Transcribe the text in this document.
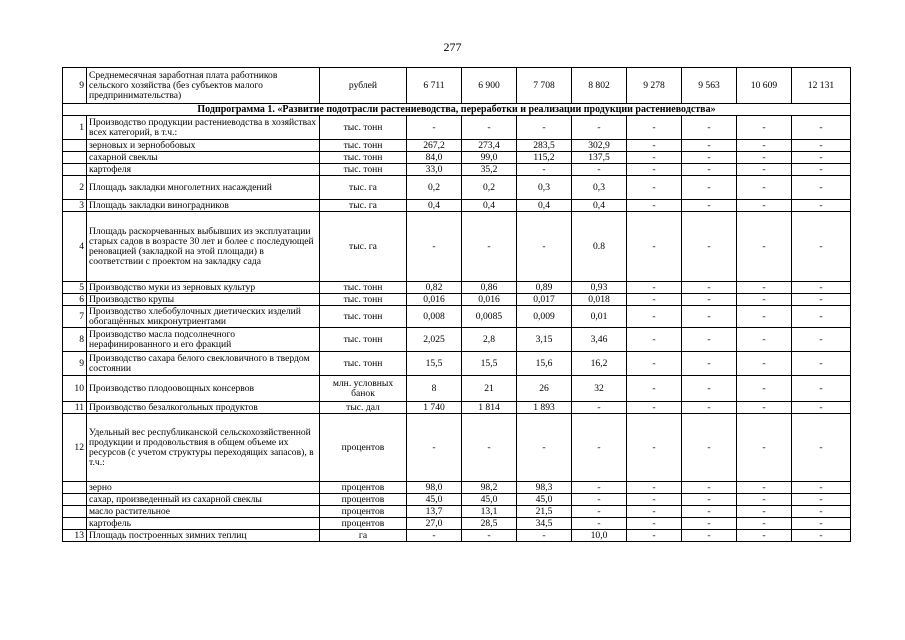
277
9	Среднемесячная заработная плата работников сельского хозяйства (без субъектов малого предпринимательства)	рублей	6 711	6 900	7 708	8 802	9 278	9 563	10 609	12 131
Подпрограмма 1. «Развитие подотрасли растениеводства, переработки и реализации продукции растениеводства»										
1	Производство продукции растениеводства в хозяйствах всех категорий, в т.ч.:	тыс. тонн	-	-	-	-	-	-	-	-
	зерновых и зернобобовых	тыс. тонн	267,2	273,4	283,5	302,9	-	-	-	-
	сахарной свеклы	тыс. тонн	84,0	99,0	115,2	137,5	-	-	-	-
	картофеля	тыс. тонн	33,0	35,2	-	-	-	-	-	-
2	Площадь закладки многолетних насаждений	тыс. га	0,2	0,2	0,3	0,3	-	-	-	-
3	Площадь закладки виноградников	тыс. га	0,4	0,4	0,4	0,4	-	-	-	-
4	Площадь раскорчеванных выбывших из эксплуатации старых садов в возрасте 30 лет и более с последующей реновацией (закладкой на этой площади) в соответствии с проектом на закладку сада	тыс. га	-	-	-	0.8	-	-	-	-
5	Производство муки из зерновых культур	тыс. тонн	0,82	0,86	0,89	0,93	-	-	-	-
6	Производство крупы	тыс. тонн	0,016	0,016	0,017	0,018	-	-	-	-
7	Производство хлебобулочных диетических изделий обогащённых микронутриентами	тыс. тонн	0,008	0,0085	0,009	0,01	-	-	-	-
8	Производство масла подсолнечного нерафинированного и его фракций	тыс. тонн	2,025	2,8	3,15	3,46	-	-	-	-
9	Производство сахара белого свекловичного в твердом состоянии	тыс. тонн	15,5	15,5	15,6	16,2	-	-	-	-
10	Производство плодоовощных консервов	млн. условных банок	8	21	26	32	-	-	-	-
11	Производство безалкогольных продуктов	тыс. дал	1 740	1 814	1 893	-	-	-	-	-
12	Удельный вес республиканской сельскохозяйственной продукции и продовольствия в общем объеме их ресурсов (с учетом структуры переходящих запасов), в т.ч.:	процентов	-	-	-	-	-	-	-	-
	зерно	процентов	98,0	98,2	98,3	-	-	-	-	-
	сахар, произведенный из сахарной свеклы	процентов	45,0	45,0	45,0	-	-	-	-	-
	масло растительное	процентов	13,7	13,1	21,5	-	-	-	-	-
	картофель	процентов	27,0	28,5	34,5	-	-	-	-	-
13	Площадь построенных зимних теплиц	га	-	-	-	10,0	-	-	-	-
